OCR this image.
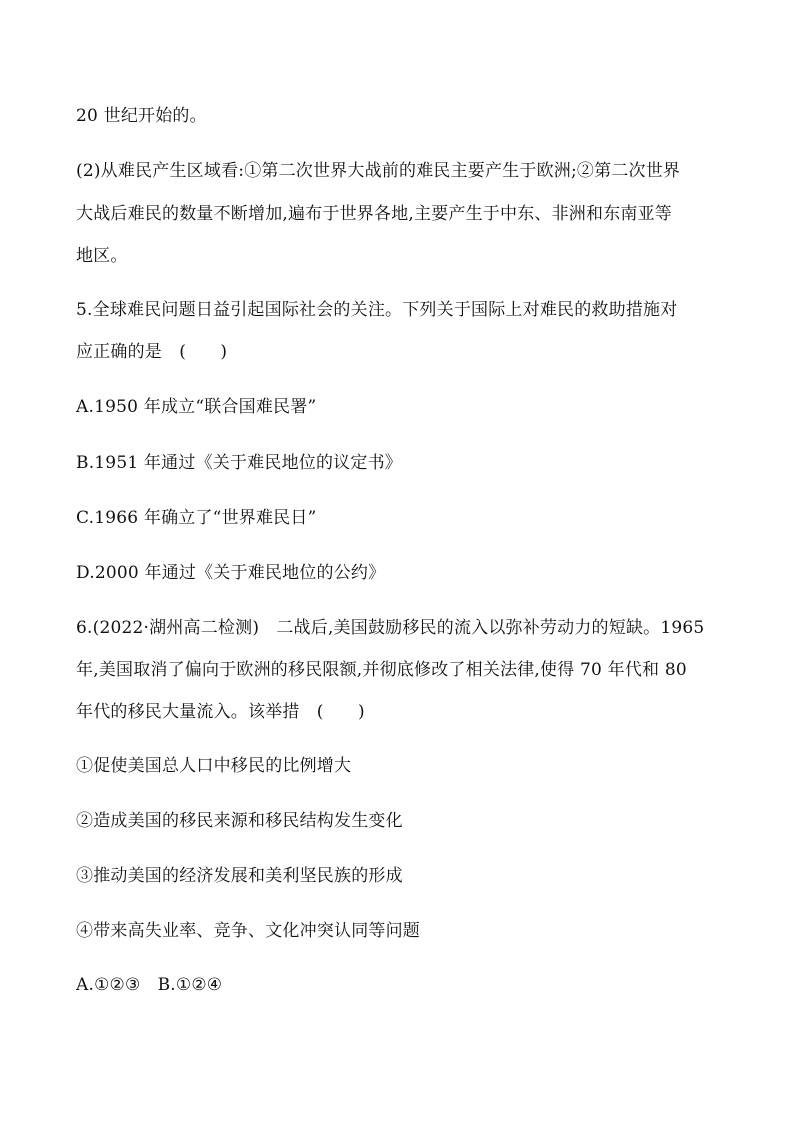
20 世纪开始的。
(2)从难民产生区域看:①第二次世界大战前的难民主要产生于欧洲;②第二次世界
大战后难民的数量不断增加,遍布于世界各地,主要产生于中东、非洲和东南亚等
地区。
5.全球难民问题日益引起国际社会的关注。下列关于国际上对难民的救助措施对
应正确的是　(　　)
A.1950 年成立“联合国难民署”
B.1951 年通过《关于难民地位的议定书》
C.1966 年确立了“世界难民日”
D.2000 年通过《关于难民地位的公约》
6.(2022·湖州高二检测)　二战后,美国鼓励移民的流入以弥补劳动力的短缺。1965
年,美国取消了偏向于欧洲的移民限额,并彻底修改了相关法律,使得 70 年代和 80
年代的移民大量流入。该举措　(　　)
①促使美国总人口中移民的比例增大
②造成美国的移民来源和移民结构发生变化
③推动美国的经济发展和美利坚民族的形成
④带来高失业率、竞争、文化冲突认同等问题
A.①②③　B.①②④
